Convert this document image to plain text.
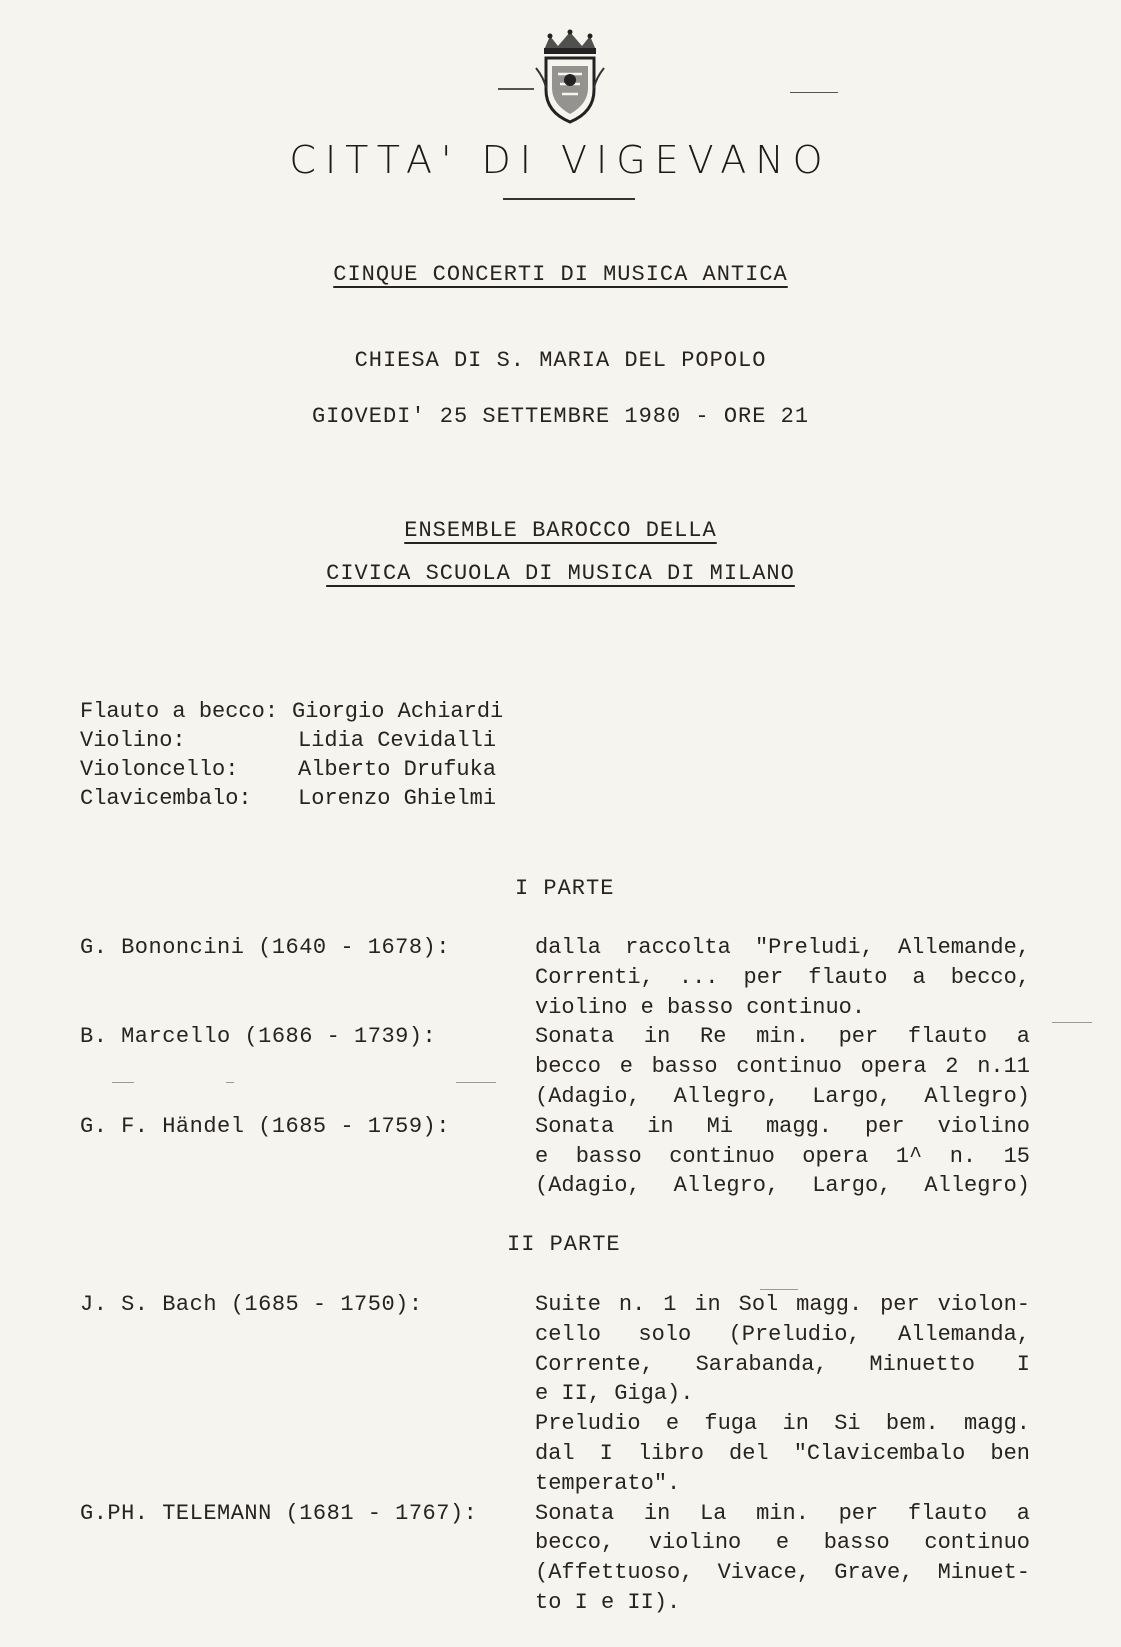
CITTA' DI VIGEVANO
CINQUE CONCERTI DI MUSICA ANTICA
CHIESA DI S. MARIA DEL POPOLO
GIOVEDI' 25 SETTEMBRE 1980 - ORE 21
ENSEMBLE BAROCCO DELLA
CIVICA SCUOLA DI MUSICA DI MILANO
Flauto a becco: Giorgio Achiardi
Violino:	Lidia Cevidalli
Violoncello:	Alberto Drufuka
Clavicembalo:	Lorenzo Ghielmi
I PARTE
G. Bononcini (1640 - 1678):	dalla raccolta "Preludi, Allemande,
Correnti, ... per flauto a becco,
violino e basso continuo.
B. Marcello (1686 - 1739):	Sonata in Re min. per flauto a
becco e basso continuo opera 2 n.11
(Adagio, Allegro, Largo, Allegro)
G. F. Händel (1685 - 1759):	Sonata in Mi magg. per violino
e basso continuo opera 1^ n. 15
(Adagio, Allegro, Largo, Allegro)
II PARTE
J. S. Bach (1685 - 1750):	Suite n. 1 in Sol magg. per violon-
cello solo (Preludio, Allemanda,
Corrente, Sarabanda, Minuetto I
e II, Giga).
Preludio e fuga in Si bem. magg.
dal I libro del "Clavicembalo ben
temperato".
G.PH. TELEMANN (1681 - 1767):	Sonata in La min. per flauto a
becco, violino e basso continuo
(Affettuoso, Vivace, Grave, Minuet-
to I e II).
